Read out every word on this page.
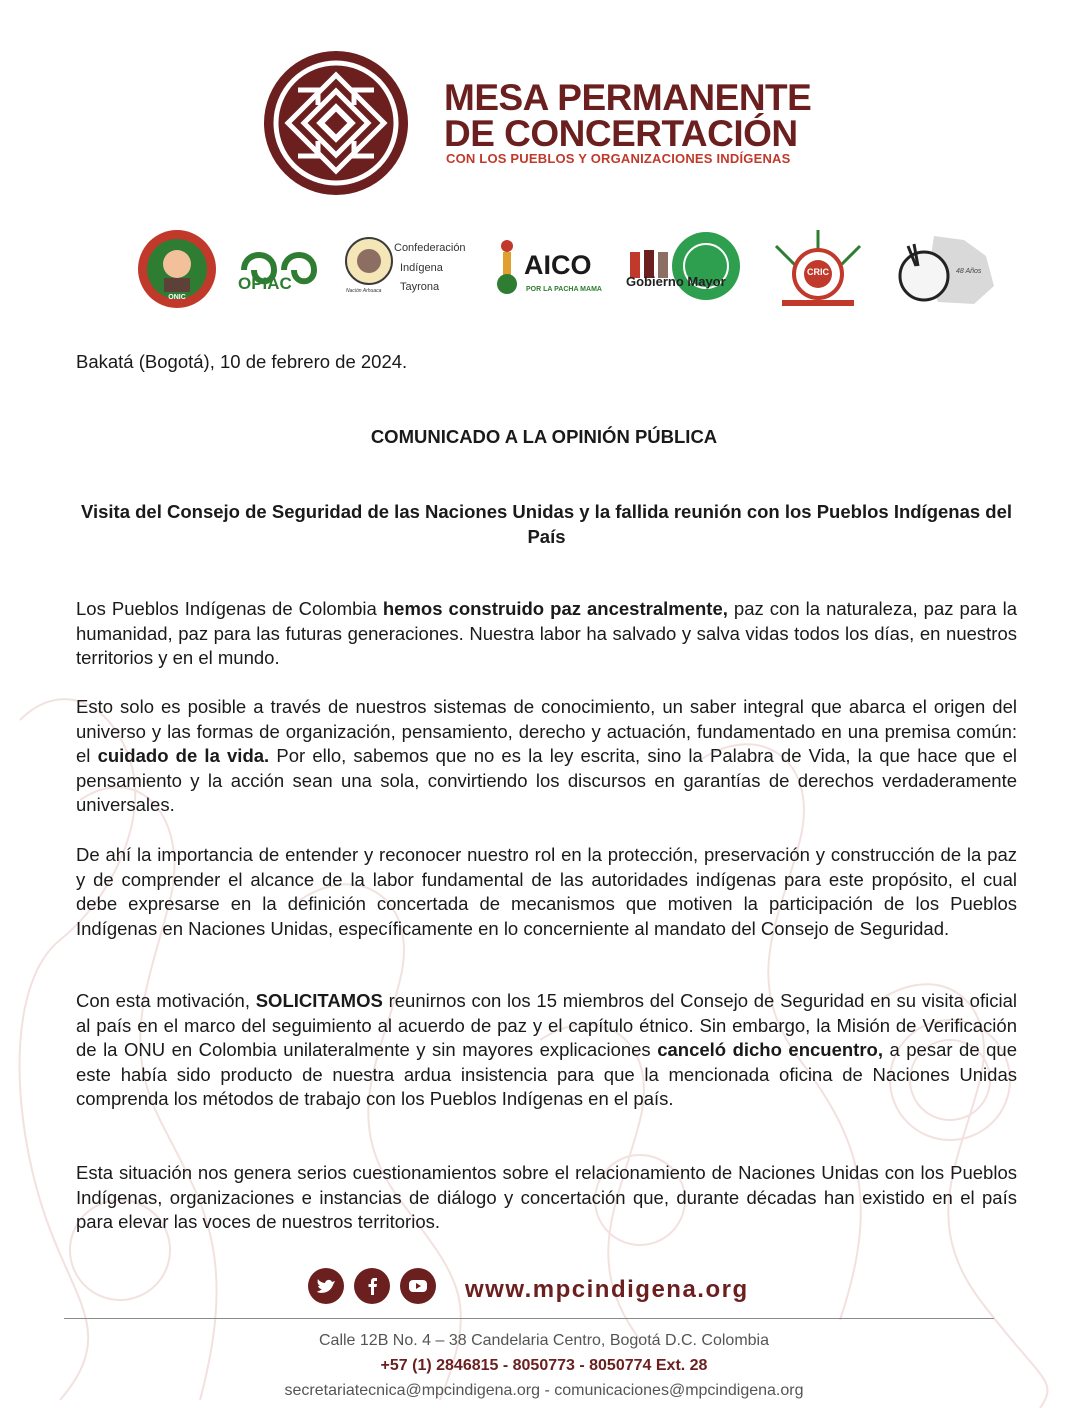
MESA PERMANENTE
DE CONCERTACIÓN
CON LOS PUEBLOS Y ORGANIZACIONES INDÍGENAS
ONIC
OPIAC
Confederación
Indígena
Tayrona
Nación Arhuaca
AICO
POR LA PACHA MAMA
Gobierno Mayor
CRIC	48 Años
Bakatá (Bogotá), 10 de febrero de 2024.
COMUNICADO A LA OPINIÓN PÚBLICA
Visita del Consejo de Seguridad de las Naciones Unidas y la fallida reunión con los Pueblos Indígenas del País
Los Pueblos Indígenas de Colombia hemos construido paz ancestralmente, paz con la naturaleza, paz para la humanidad, paz para las futuras generaciones. Nuestra labor ha salvado y salva vidas todos los días, en nuestros territorios y en el mundo.
Esto solo es posible a través de nuestros sistemas de conocimiento, un saber integral que abarca el origen del universo y las formas de organización, pensamiento, derecho y actuación, fundamentado en una premisa común: el cuidado de la vida. Por ello, sabemos que no es la ley escrita, sino la Palabra de Vida, la que hace que el pensamiento y la acción sean una sola, convirtiendo los discursos en garantías de derechos verdaderamente universales.
De ahí la importancia de entender y reconocer nuestro rol en la protección, preservación y construcción de la paz y de comprender el alcance de la labor fundamental de las autoridades indígenas para este propósito, el cual debe expresarse en la definición concertada de mecanismos que motiven la participación de los Pueblos Indígenas en Naciones Unidas, específicamente en lo concerniente al mandato del Consejo de Seguridad.
Con esta motivación, SOLICITAMOS reunirnos con los 15 miembros del Consejo de Seguridad en su visita oficial al país en el marco del seguimiento al acuerdo de paz y el capítulo étnico. Sin embargo, la Misión de Verificación de la ONU en Colombia unilateralmente y sin mayores explicaciones canceló dicho encuentro, a pesar de que este había sido producto de nuestra ardua insistencia para que la mencionada oficina de Naciones Unidas comprenda los métodos de trabajo con los Pueblos Indígenas en el país.
Esta situación nos genera serios cuestionamientos sobre el relacionamiento de Naciones Unidas con los Pueblos Indígenas, organizaciones e instancias de diálogo y concertación que, durante décadas han existido en el país para elevar las voces de nuestros territorios.
www.mpcindigena.org
Calle 12B No. 4 – 38 Candelaria Centro, Bogotá D.C. Colombia
+57 (1) 2846815 - 8050773 - 8050774 Ext. 28
secretariatecnica@mpcindigena.org - comunicaciones@mpcindigena.org
